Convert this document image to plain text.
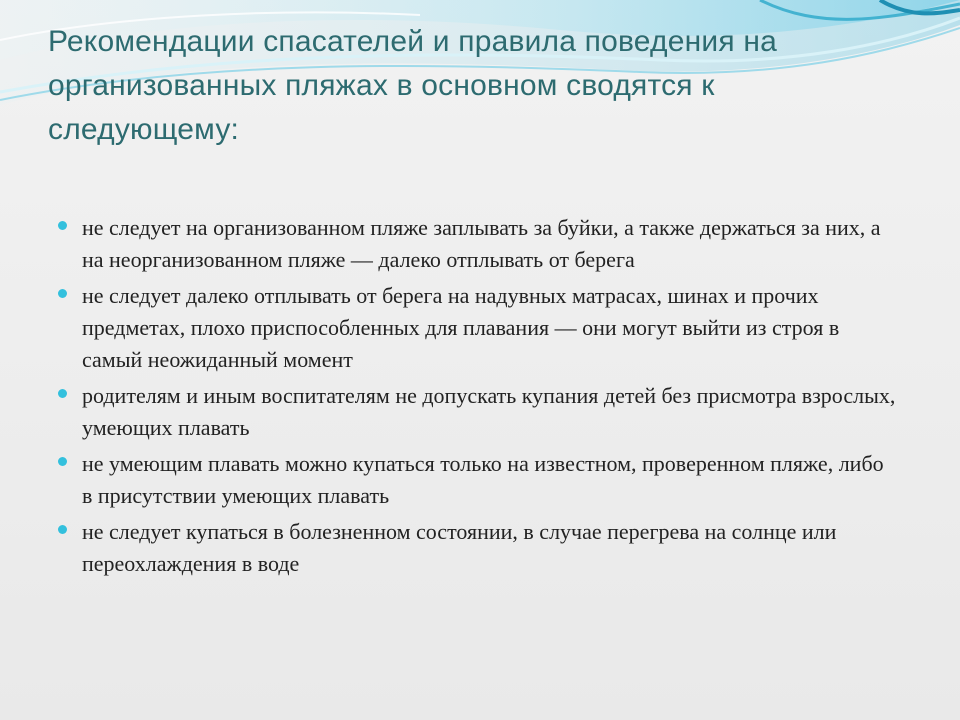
Рекомендации спасателей и правила поведения на организованных пляжах в основном сводятся к следующему:
не следует на организованном пляже заплывать за буйки, а также держаться за них, а на неорганизованном пляже — далеко отплывать от берега
не следует далеко отплывать от берега на надувных матрасах, шинах и прочих предметах, плохо приспособленных для плавания — они могут выйти из строя в самый неожиданный момент
родителям и иным воспитателям не допускать купания детей без присмотра взрослых, умеющих плавать
не умеющим плавать можно купаться только на известном, проверенном пляже, либо в присутствии умеющих плавать
не следует купаться в болезненном состоянии, в случае перегрева на солнце или переохлаждения в воде
